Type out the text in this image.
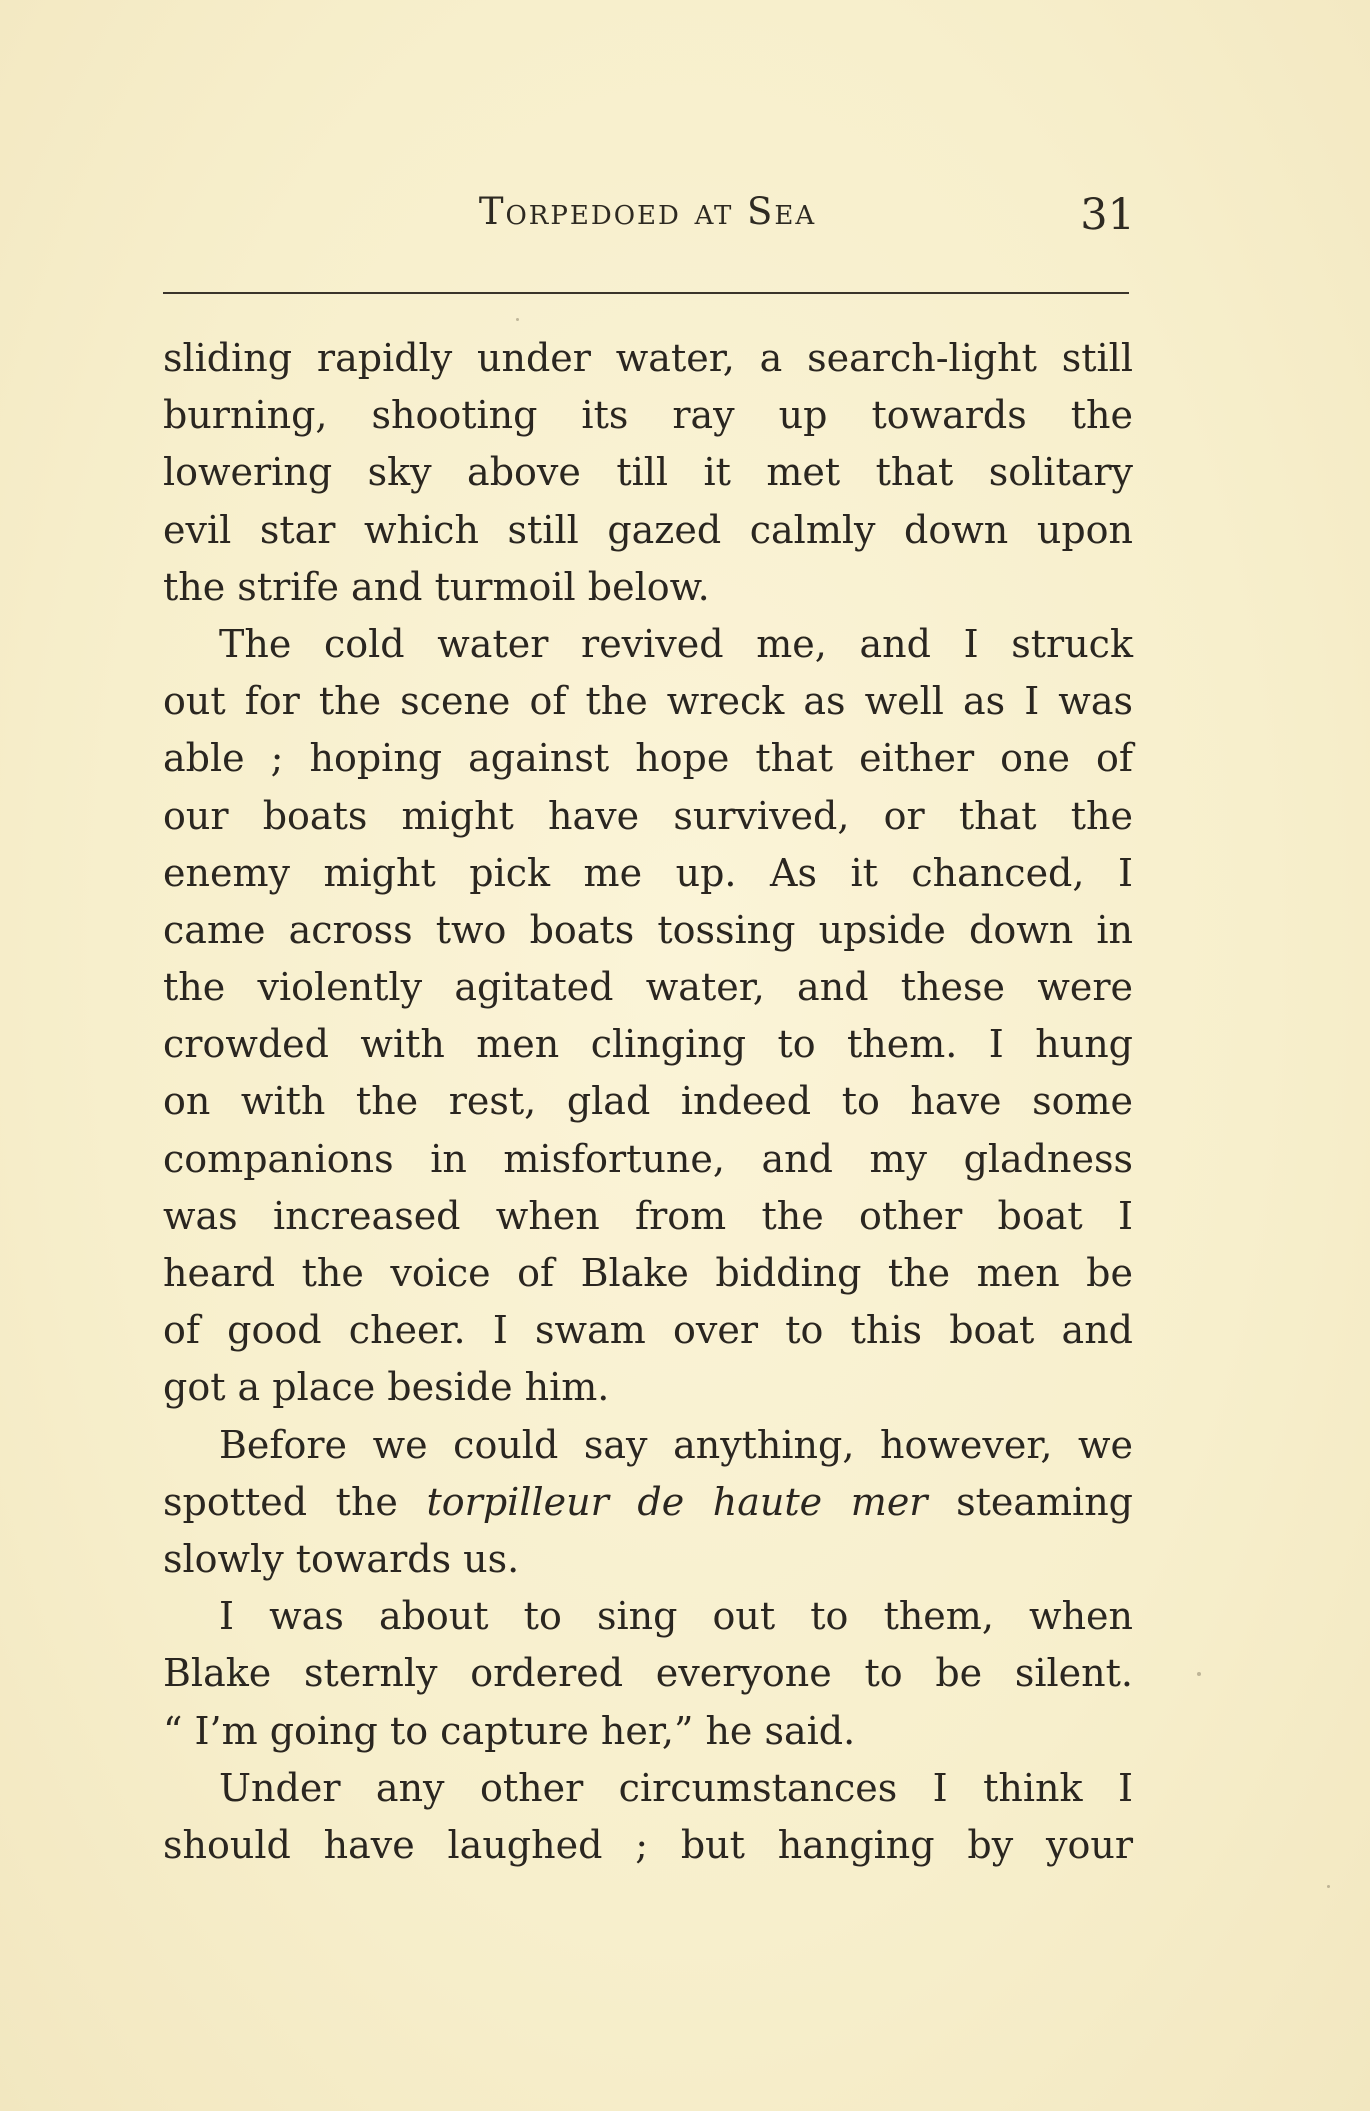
Torpedoed at Sea	31
sliding rapidly under water, a search-light still
burning, shooting its ray up towards the
lowering sky above till it met that solitary
evil star which still gazed calmly down upon
the strife and turmoil below.
The cold water revived me, and I struck
out for the scene of the wreck as well as I was
able ; hoping against hope that either one of
our boats might have survived, or that the
enemy might pick me up. As it chanced, I
came across two boats tossing upside down in
the violently agitated water, and these were
crowded with men clinging to them. I hung
on with the rest, glad indeed to have some
companions in misfortune, and my gladness
was increased when from the other boat I
heard the voice of Blake bidding the men be
of good cheer. I swam over to this boat and
got a place beside him.
Before we could say anything, however, we
spotted the torpilleur de haute mer steaming
slowly towards us.
I was about to sing out to them, when
Blake sternly ordered everyone to be silent.
“ I’m going to capture her,” he said.
Under any other circumstances I think I
should have laughed ; but hanging by your
